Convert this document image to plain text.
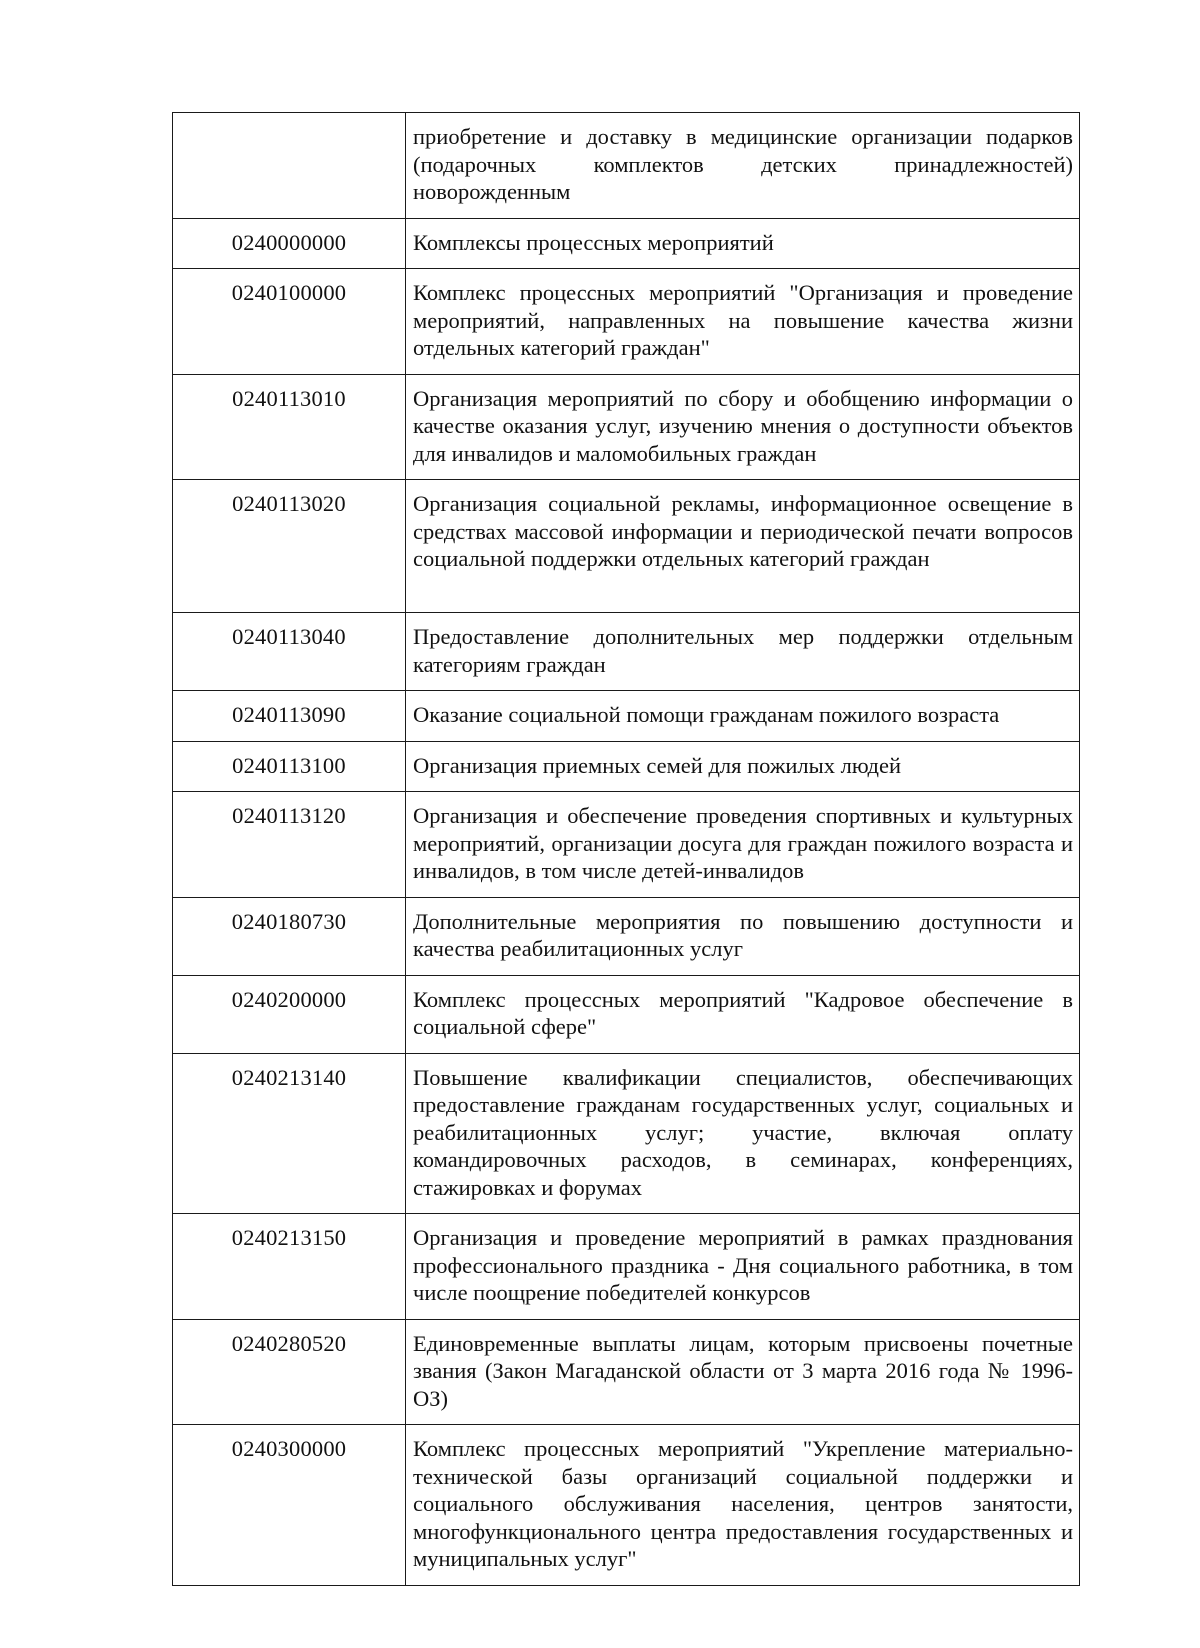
	приобретение и доставку в медицинские организации подарков (подарочных комплектов детских принадлежностей) новорожденным

0240000000	Комплексы процессных мероприятий

0240100000	Комплекс процессных мероприятий "Организация и проведение мероприятий, направленных на повышение качества жизни отдельных категорий граждан"

0240113010	Организация мероприятий по сбору и обобщению информации о качестве оказания услуг, изучению мнения о доступности объектов для инвалидов и маломобильных граждан

0240113020	Организация социальной рекламы, информационное освещение в средствах массовой информации и периодической печати вопросов социальной поддержки отдельных категорий граждан

0240113040	Предоставление дополнительных мер поддержки отдельным категориям граждан

0240113090	Оказание социальной помощи гражданам пожилого возраста

0240113100	Организация приемных семей для пожилых людей

0240113120	Организация и обеспечение проведения спортивных и культурных мероприятий, организации досуга для граждан пожилого возраста и инвалидов, в том числе детей-инвалидов

0240180730	Дополнительные мероприятия по повышению доступности и качества реабилитационных услуг

0240200000	Комплекс процессных мероприятий "Кадровое обеспечение в социальной сфере"

0240213140	Повышение квалификации специалистов, обеспечивающих предоставление гражданам государственных услуг, социальных и реабилитационных услуг; участие, включая оплату командировочных расходов, в семинарах, конференциях, стажировках и форумах

0240213150	Организация и проведение мероприятий в рамках празднования профессионального праздника - Дня социального работника, в том числе поощрение победителей конкурсов

0240280520	Единовременные выплаты лицам, которым присвоены почетные звания (Закон Магаданской области от 3 марта 2016 года № 1996-ОЗ)

0240300000	Комплекс процессных мероприятий "Укрепление материально-технической базы организаций социальной поддержки и социального обслуживания населения, центров занятости, многофункционального центра предоставления государственных и муниципальных услуг"
